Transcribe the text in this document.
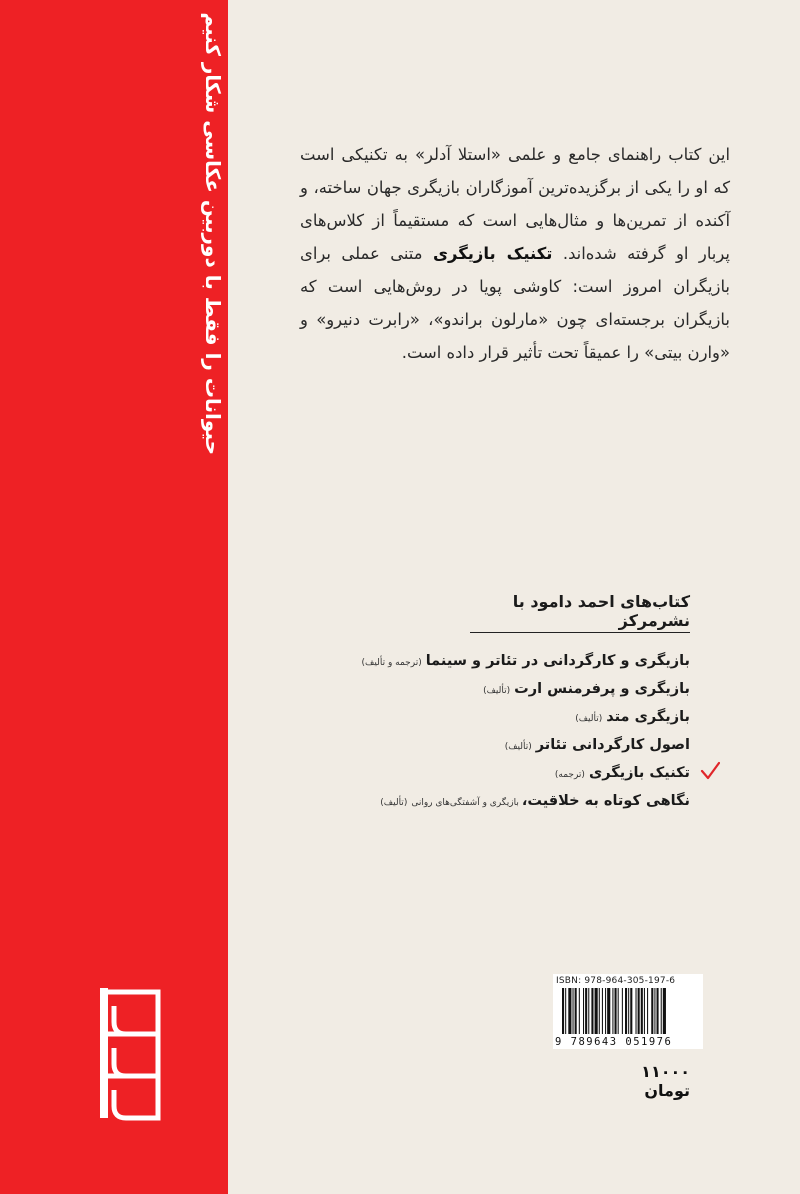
حیوانات را فقط با دوربین عکاسی شکار کنیم	این کتاب راهنمای جامع و علمی «استلا آدلر» به تکنیکی است که او را یکی از برگزیده‌ترین آموزگاران بازیگری جهان ساخته، و آکنده از تمرین‌ها و مثال‌هایی است که مستقیماً از کلاس‌های پربار او گرفته شده‌اند. تکنیک بازیگری متنی عملی برای بازیگران امروز است: کاوشی پویا در روش‌هایی است که بازیگران برجسته‌ای چون «مارلون براندو»، «رابرت دنیرو» و «وارن بیتی» را عمیقاً تحت تأثیر قرار داده است.
کتاب‌های احمد دامود با نشرمرکز
بازیگری و کارگردانی در تئاتر و سینما(ترجمه و تألیف)
بازیگری و پرفرمنس ارت(تألیف)
بازیگری متد(تألیف)
اصول کارگردانی تئاتر(تألیف)
تکنیک بازیگری(ترجمه)
نگاهی کوتاه به خلاقیت،بازیگری و آشفتگی‌های روانی(تألیف)
ISBN: 978-964-305-197-6
9 789643 051976
۱۱۰۰۰ تومان
